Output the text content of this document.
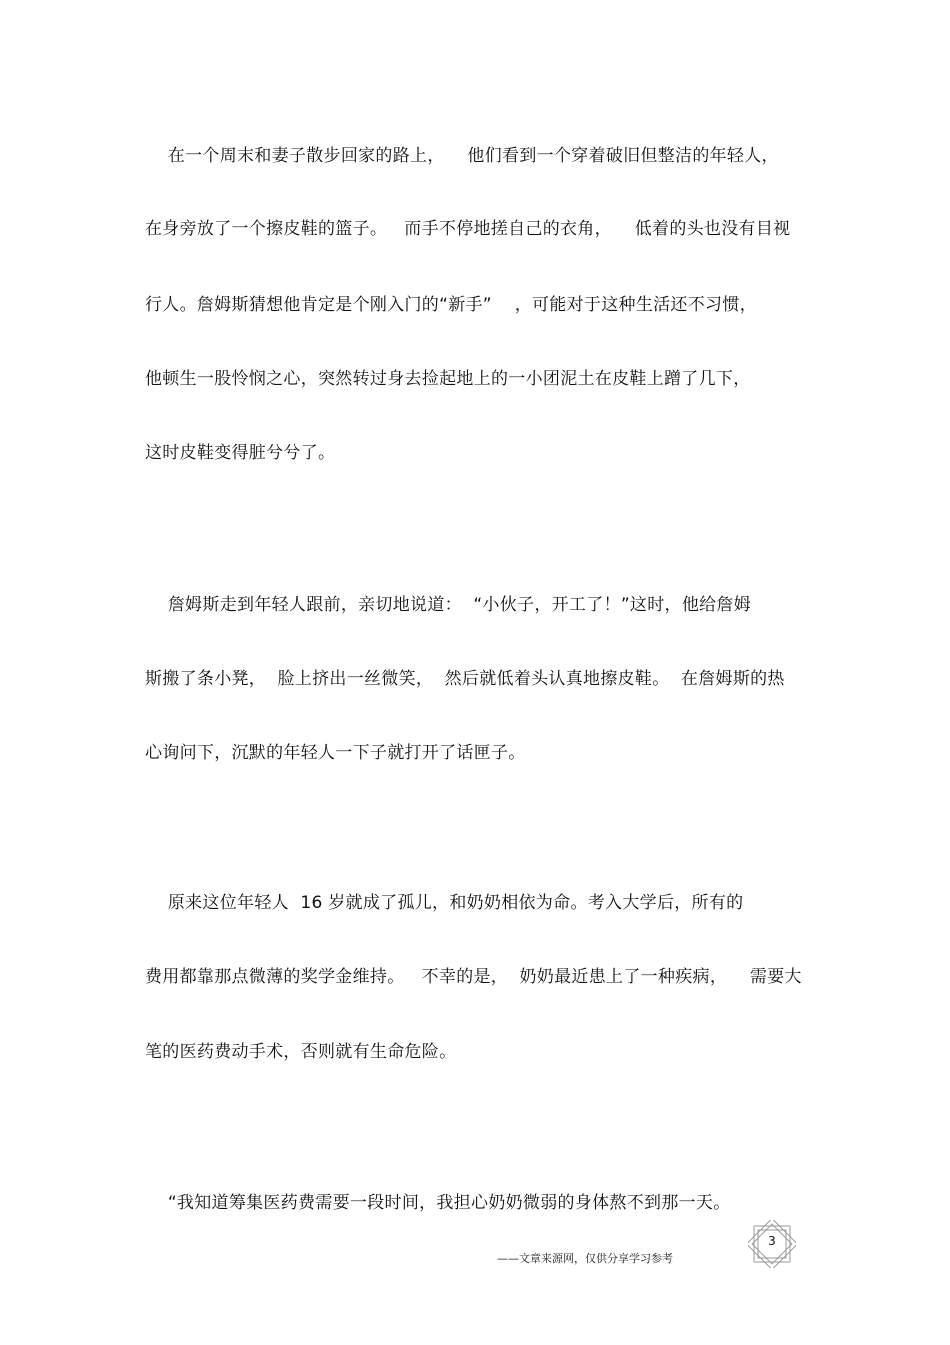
在一个周末和妻子散步回家的路上，    他们看到一个穿着破旧但整洁的年轻人，
在身旁放了一个擦皮鞋的篮子。   而手不停地搓自己的衣角，    低着的头也没有目视
行人。詹姆斯猜想他肯定是个刚入门的“新手”    ，可能对于这种生活还不习惯，
他顿生一股怜悯之心，突然转过身去捡起地上的一小团泥土在皮鞋上蹭了几下，
这时皮鞋变得脏兮兮了。
詹姆斯走到年轻人跟前，亲切地说道：  “小伙子，开工了！”这时，他给詹姆
斯搬了条小凳，  脸上挤出一丝微笑，  然后就低着头认真地擦皮鞋。  在詹姆斯的热
心询问下，沉默的年轻人一下子就打开了话匣子。
原来这位年轻人  16 岁就成了孤儿，和奶奶相依为命。考入大学后，所有的
费用都靠那点微薄的奖学金维持。   不幸的是，  奶奶最近患上了一种疾病，    需要大
笔的医药费动手术，否则就有生命危险。
“我知道筹集医药费需要一段时间，我担心奶奶微弱的身体熬不到那一天。
——文章来源网，仅供分享学习参考
3
